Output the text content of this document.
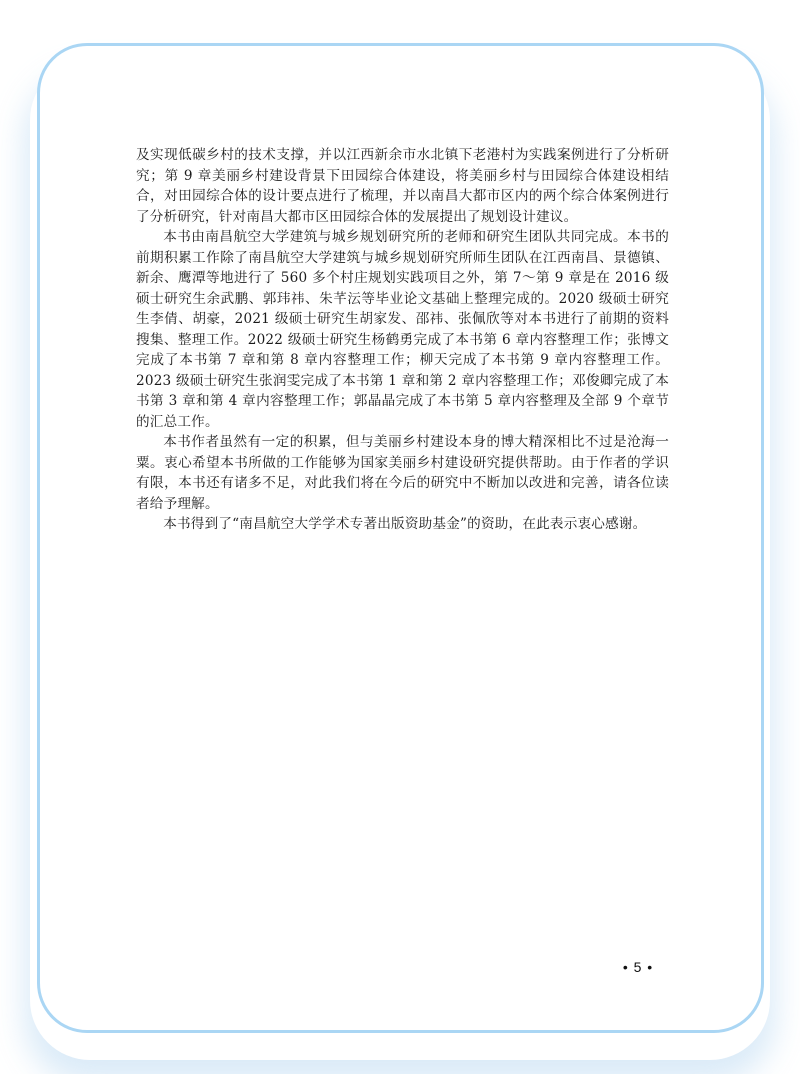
及实现低碳乡村的技术支撑，并以江西新余市水北镇下老港村为实践案例进行了分析研究；第 9 章美丽乡村建设背景下田园综合体建设，将美丽乡村与田园综合体建设相结合，对田园综合体的设计要点进行了梳理，并以南昌大都市区内的两个综合体案例进行了分析研究，针对南昌大都市区田园综合体的发展提出了规划设计建议。

本书由南昌航空大学建筑与城乡规划研究所的老师和研究生团队共同完成。本书的前期积累工作除了南昌航空大学建筑与城乡规划研究所师生团队在江西南昌、景德镇、新余、鹰潭等地进行了 560 多个村庄规划实践项目之外，第 7～第 9 章是在 2016 级硕士研究生余武鹏、郭玮祎、朱芊沄等毕业论文基础上整理完成的。2020 级硕士研究生李倩、胡豪，2021 级硕士研究生胡家发、邵祎、张佩欣等对本书进行了前期的资料搜集、整理工作。2022 级硕士研究生杨鹤勇完成了本书第 6 章内容整理工作；张博文完成了本书第 7 章和第 8 章内容整理工作；柳天完成了本书第 9 章内容整理工作。2023 级硕士研究生张润雯完成了本书第 1 章和第 2 章内容整理工作；邓俊卿完成了本书第 3 章和第 4 章内容整理工作；郭晶晶完成了本书第 5 章内容整理及全部 9 个章节的汇总工作。

本书作者虽然有一定的积累，但与美丽乡村建设本身的博大精深相比不过是沧海一粟。衷心希望本书所做的工作能够为国家美丽乡村建设研究提供帮助。由于作者的学识有限，本书还有诸多不足，对此我们将在今后的研究中不断加以改进和完善，请各位读者给予理解。

本书得到了“南昌航空大学学术专著出版资助基金”的资助，在此表示衷心感谢。

• 5 •
